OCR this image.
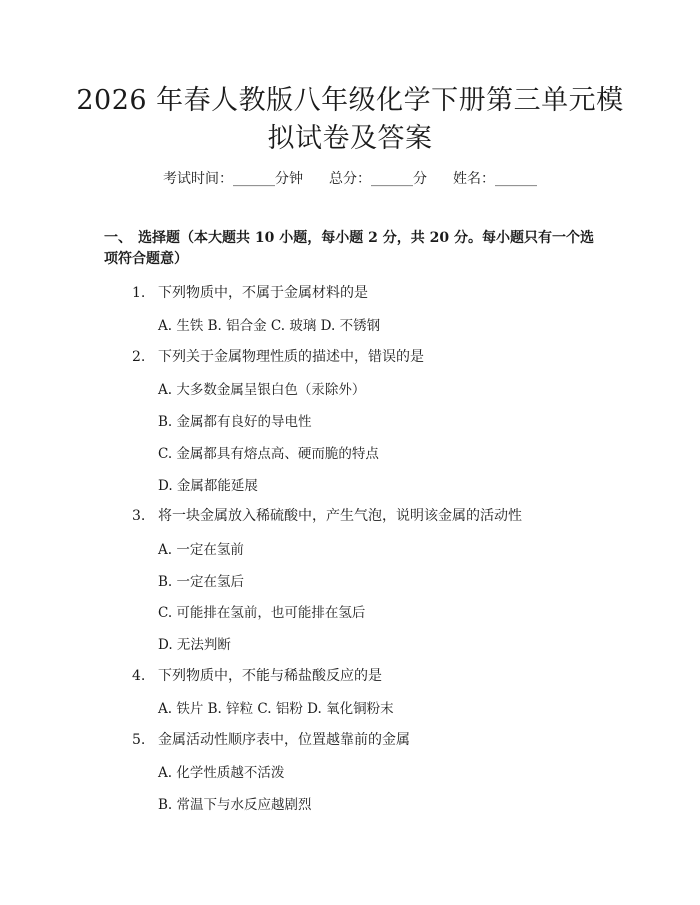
2026 年春人教版八年级化学下册第三单元模
拟试卷及答案
考试时间：______分钟 总分：______分 姓名：______
一、 选择题（本大题共 10 小题，每小题 2 分，共 20 分。每小题只有一个选项符合题意）
1. 下列物质中，不属于金属材料的是
A. 生铁 B. 铝合金 C. 玻璃 D. 不锈钢
2. 下列关于金属物理性质的描述中，错误的是
A. 大多数金属呈银白色（汞除外）
B. 金属都有良好的导电性
C. 金属都具有熔点高、硬而脆的特点
D. 金属都能延展
3. 将一块金属放入稀硫酸中，产生气泡，说明该金属的活动性
A. 一定在氢前
B. 一定在氢后
C. 可能排在氢前，也可能排在氢后
D. 无法判断
4. 下列物质中，不能与稀盐酸反应的是
A. 铁片 B. 锌粒 C. 铝粉 D. 氧化铜粉末
5. 金属活动性顺序表中，位置越靠前的金属
A. 化学性质越不活泼
B. 常温下与水反应越剧烈
